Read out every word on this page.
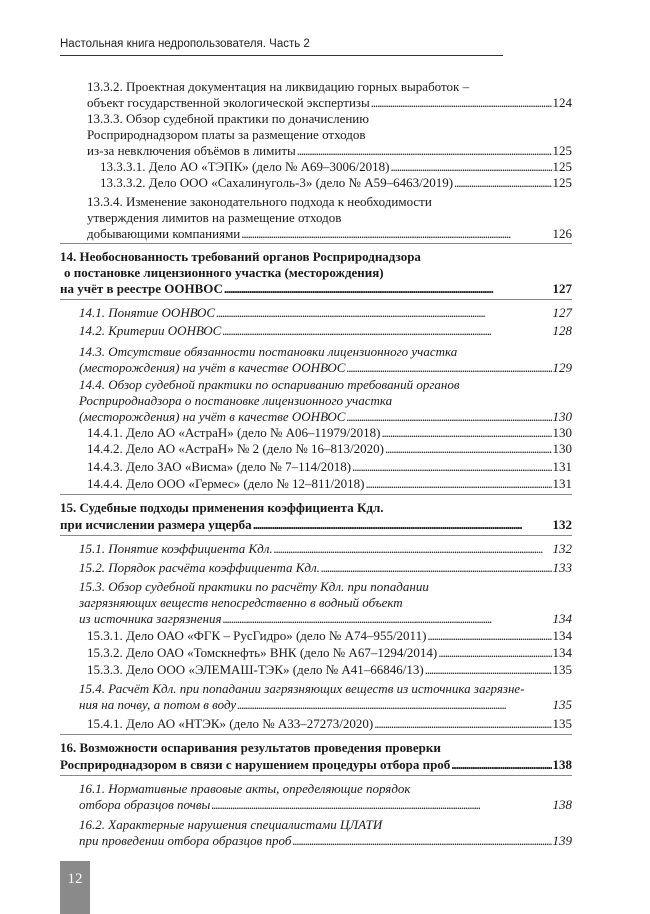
Настольная книга недропользователя. Часть 2
13.3.2. Проектная документация на ликвидацию горных выработок –
объект государственной экологической экспертизы . . .	124
13.3.3. Обзор судебной практики по доначислению
Росприроднадзором платы за размещение отходов
из-за невключения объёмов в лимиты . . .	125
13.3.3.1. Дело АО «ТЭПК» (дело № А69–3006/2018) . . .	125
13.3.3.2. Дело ООО «Сахалинуголь-3» (дело № А59–6463/2019) . . .	125
13.3.4. Изменение законодательного подхода к необходимости
утверждения лимитов на размещение отходов
добывающими компаниями . . .	126
14. Необоснованность требований органов Росприроднадзора
о постановке лицензионного участка (месторождения)
на учёт в реестре ООНВОС . . .	127
14.1. Понятие ООНВОС . . .	127
14.2. Критерии ООНВОС . . .	128
14.3. Отсутствие обязанности постановки лицензионного участка
(месторождения) на учёт в качестве ООНВОС . . .	129
14.4. Обзор судебной практики по оспариванию требований органов
Росприроднадзора о постановке лицензионного участка
(месторождения) на учёт в качестве ООНВОС . . .	130
14.4.1. Дело АО «АстраН» (дело № А06–11979/2018) . . .	130
14.4.2. Дело АО «АстраН» № 2 (дело № 16–813/2020) . . .	130
14.4.3. Дело ЗАО «Висма» (дело № 7–114/2018) . . .	131
14.4.4. Дело ООО «Гермес» (дело № 12–811/2018) . . .	131
15. Судебные подходы применения коэффициента Кдл.
при исчислении размера ущерба . . .	132
15.1. Понятие коэффициента Кдл. . . .	132
15.2. Порядок расчёта коэффициента Кдл. . . .	133
15.3. Обзор судебной практики по расчёту Кдл. при попадании
загрязняющих веществ непосредственно в водный объект
из источника загрязнения . . .	134
15.3.1. Дело ОАО «ФГК – РусГидро» (дело № А74–955/2011) . . .	134
15.3.2. Дело ОАО «Томскнефть» ВНК (дело № А67–1294/2014) . . .	134
15.3.3. Дело ООО «ЭЛЕМАШ-ТЭК» (дело № А41–66846/13) . . .	135
15.4. Расчёт Кдл. при попадании загрязняющих веществ из источника загрязне-
ния на почву, а потом в воду . . .	135
15.4.1. Дело АО «НТЭК» (дело № А33–27273/2020) . . .	135
16. Возможности оспаривания результатов проведения проверки
Росприроднадзором в связи с нарушением процедуры отбора проб . . .	138
16.1. Нормативные правовые акты, определяющие порядок
отбора образцов почвы . . .	138
16.2. Характерные нарушения специалистами ЦЛАТИ
при проведении отбора образцов проб . . .	139
12
